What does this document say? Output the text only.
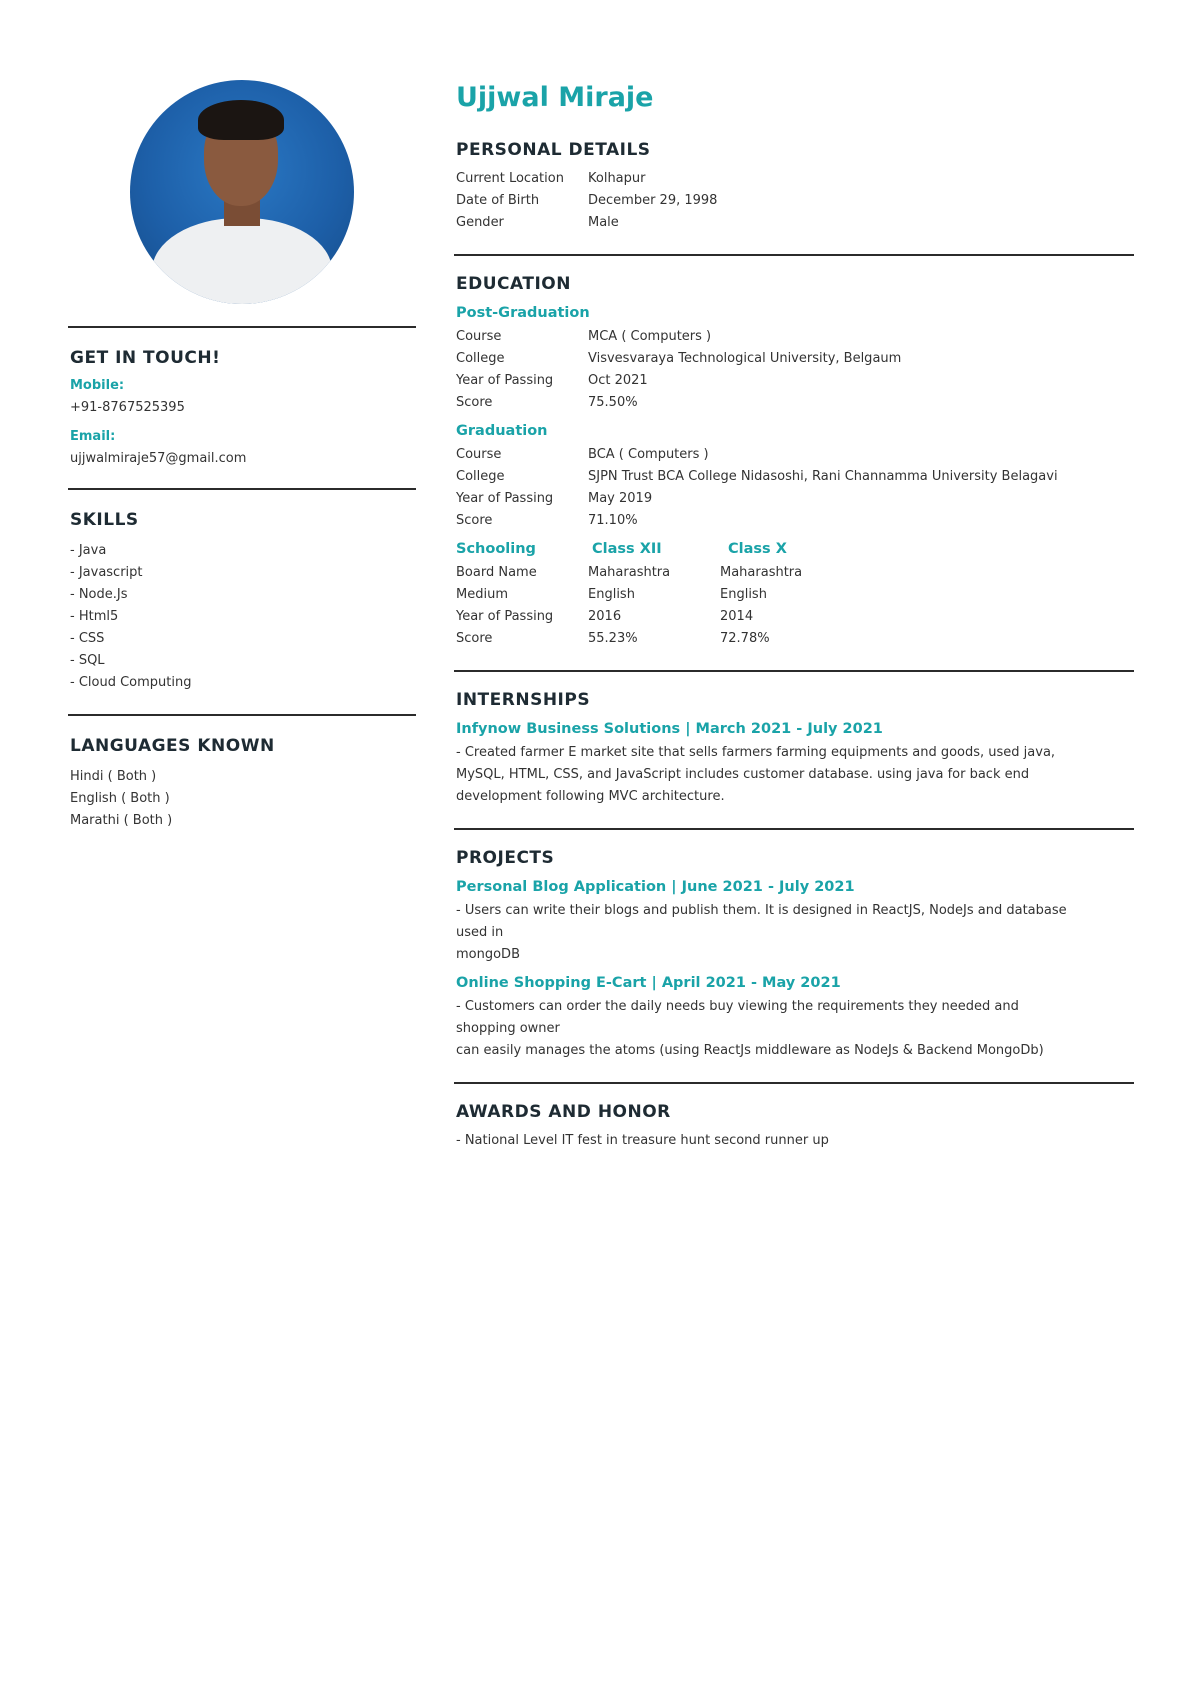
GET IN TOUCH!
Mobile:
+91-8767525395
Email:
ujjwalmiraje57@gmail.com
SKILLS
- Java
- Javascript
- Node.Js
- Html5
- CSS
- SQL
- Cloud Computing
LANGUAGES KNOWN
Hindi ( Both )
English ( Both )
Marathi ( Both )
Ujjwal Miraje
PERSONAL DETAILS
Current Location	Kolhapur
Date of Birth	December 29, 1998
Gender	Male
EDUCATION
Post-Graduation
Course	MCA ( Computers )
College	Visvesvaraya Technological University, Belgaum
Year of Passing	Oct 2021
Score	75.50%
Graduation
Course	BCA ( Computers )
College	SJPN Trust BCA College Nidasoshi, Rani Channamma University Belagavi
Year of Passing	May 2019
Score	71.10%
Schooling	Class XII	Class X
Board Name	Maharashtra	Maharashtra
Medium	English	English
Year of Passing	2016	2014
Score	55.23%	72.78%
INTERNSHIPS
Infynow Business Solutions | March 2021 - July 2021
- Created farmer E market site that sells farmers farming equipments and goods, used java,
MySQL, HTML, CSS, and JavaScript includes customer database. using java for back end
development following MVC architecture.
PROJECTS
Personal Blog Application | June 2021 - July 2021
- Users can write their blogs and publish them. It is designed in ReactJS, NodeJs and database
used in
mongoDB
Online Shopping E-Cart | April 2021 - May 2021
- Customers can order the daily needs buy viewing the requirements they needed and
shopping owner
can easily manages the atoms (using ReactJs middleware as NodeJs & Backend MongoDb)
AWARDS AND HONOR
- National Level IT fest in treasure hunt second runner up
